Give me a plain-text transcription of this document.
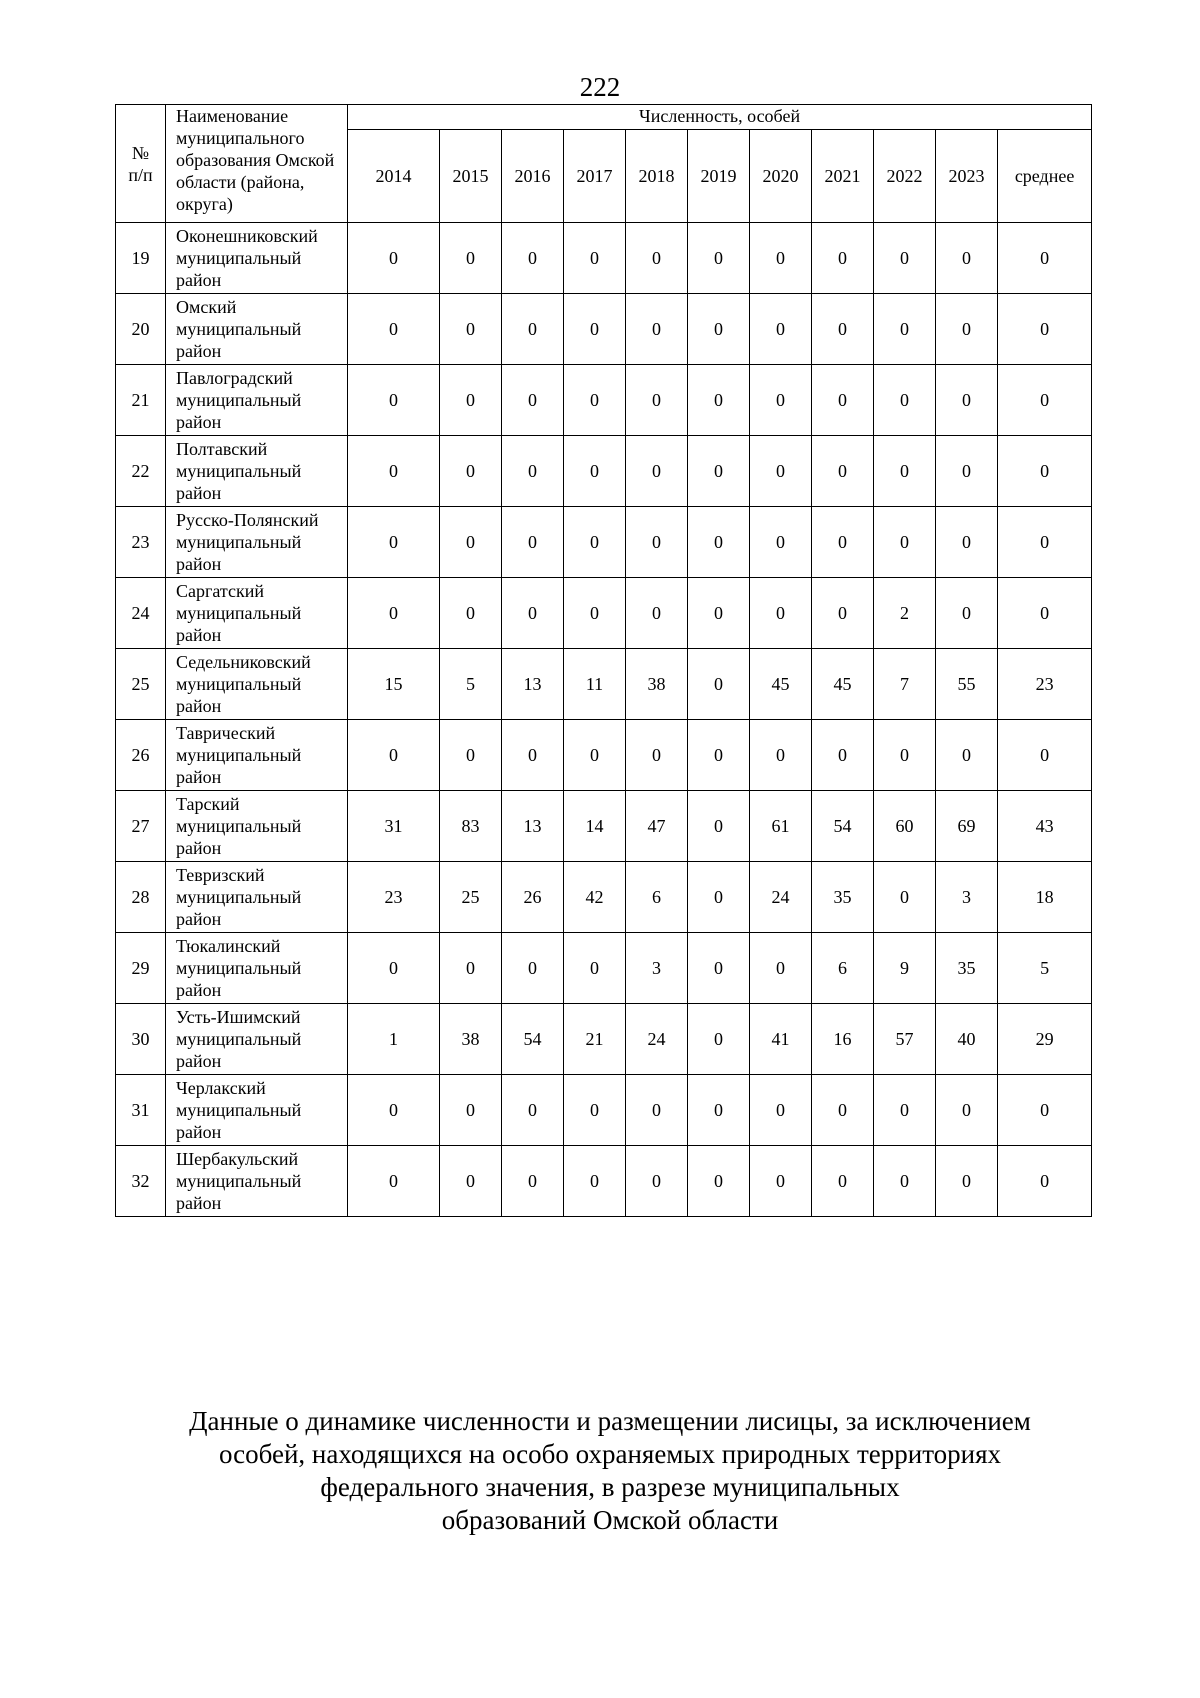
222
№
п/п	Наименование муниципального образования Омской области (района, округа)	Численность, особей										
		2014	2015	2016	2017	2018	2019	2020	2021	2022	2023	среднее
19	Оконешниковский муниципальный район	0	0	0	0	0	0	0	0	0	0	0
20	Омский муниципальный район	0	0	0	0	0	0	0	0	0	0	0
21	Павлоградский муниципальный район	0	0	0	0	0	0	0	0	0	0	0
22	Полтавский муниципальный район	0	0	0	0	0	0	0	0	0	0	0
23	Русско-Полянский муниципальный район	0	0	0	0	0	0	0	0	0	0	0
24	Саргатский муниципальный район	0	0	0	0	0	0	0	0	2	0	0
25	Седельниковский муниципальный район	15	5	13	11	38	0	45	45	7	55	23
26	Таврический муниципальный район	0	0	0	0	0	0	0	0	0	0	0
27	Тарский муниципальный район	31	83	13	14	47	0	61	54	60	69	43
28	Тевризский муниципальный район	23	25	26	42	6	0	24	35	0	3	18
29	Тюкалинский муниципальный район	0	0	0	0	3	0	0	6	9	35	5
30	Усть-Ишимский муниципальный район	1	38	54	21	24	0	41	16	57	40	29
31	Черлакский муниципальный район	0	0	0	0	0	0	0	0	0	0	0
32	Шербакульский муниципальный район	0	0	0	0	0	0	0	0	0	0	0
Данные о динамике численности и размещении лисицы, за исключением
особей, находящихся на особо охраняемых природных территориях
федерального значения, в разрезе муниципальных
образований Омской области
